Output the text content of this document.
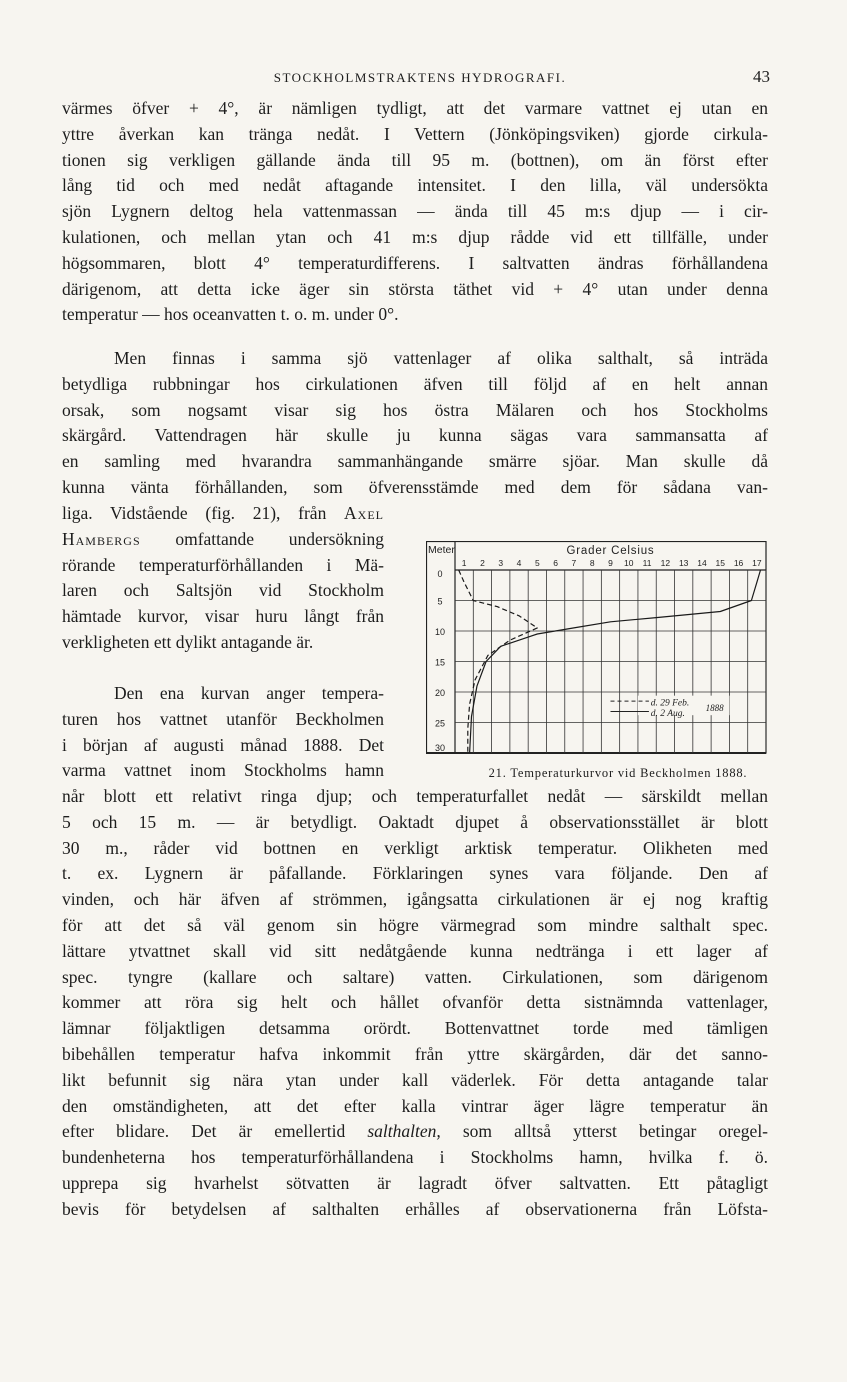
STOCKHOLMSTRAKTENS HYDROGRAFI.	43

värmes öfver + 4°, är nämligen tydligt, att det varmare vattnet ej utan en
yttre åverkan kan tränga nedåt. I Vettern (Jönköpingsviken) gjorde cirkula-
tionen sig verkligen gällande ända till 95 m. (bottnen), om än först efter
lång tid och med nedåt aftagande intensitet. I den lilla, väl undersökta
sjön Lygnern deltog hela vattenmassan — ända till 45 m:s djup — i cir-
kulationen, och mellan ytan och 41 m:s djup rådde vid ett tillfälle, under
högsommaren, blott 4° temperaturdifferens. I saltvatten ändras förhållandena
därigenom, att detta icke äger sin största täthet vid + 4° utan under denna
temperatur — hos oceanvatten t. o. m. under 0°.

Men finnas i samma sjö vattenlager af olika salthalt, så inträda
betydliga rubbningar hos cirkulationen äfven till följd af en helt annan
orsak, som nogsamt visar sig hos östra Mälaren och hos Stockholms
skärgård. Vattendragen här skulle ju kunna sägas vara sammansatta af
en samling med hvarandra sammanhängande smärre sjöar. Man skulle då
kunna vänta förhållanden, som öfverensstämde med dem för sådana van-

liga. Vidstående (fig. 21), från Axel
Hambergs omfattande undersökning
rörande temperaturförhållanden i Mä-
laren och Saltsjön vid Stockholm
hämtade kurvor, visar huru långt från
verkligheten ett dylikt antagande är.

Den ena kurvan anger tempera-
turen hos vattnet utanför Beckholmen
i början af augusti månad 1888. Det
varma vattnet inom Stockholms hamn

Meter	Grader Celsius
1 2 3 4 5 6 7 8 9 10 11 12 13 14 15 16 17
0
5
10
15
20
25
30
d. 29 Feb.
d. 2 Aug.
1888
21. Temperaturkurvor vid Beckholmen 1888.

når blott ett relativt ringa djup; och temperaturfallet nedåt — särskildt mellan
5 och 15 m. — är betydligt. Oaktadt djupet å observationsstället är blott
30 m., råder vid bottnen en verkligt arktisk temperatur. Olikheten med
t. ex. Lygnern är påfallande. Förklaringen synes vara följande. Den af
vinden, och här äfven af strömmen, igångsatta cirkulationen är ej nog kraftig
för att det så väl genom sin högre värmegrad som mindre salthalt spec.
lättare ytvattnet skall vid sitt nedåtgående kunna nedtränga i ett lager af
spec. tyngre (kallare och saltare) vatten. Cirkulationen, som därigenom
kommer att röra sig helt och hållet ofvanför detta sistnämnda vattenlager,
lämnar följaktligen detsamma orördt. Bottenvattnet torde med tämligen
bibehållen temperatur hafva inkommit från yttre skärgården, där det sanno-
likt befunnit sig nära ytan under kall väderlek. För detta antagande talar
den omständigheten, att det efter kalla vintrar äger lägre temperatur än
efter blidare. Det är emellertid salthalten, som alltså ytterst betingar oregel-
bundenheterna hos temperaturförhållandena i Stockholms hamn, hvilka f. ö.
upprepa sig hvarhelst sötvatten är lagradt öfver saltvatten. Ett påtagligt
bevis för betydelsen af salthalten erhålles af observationerna från Löfsta-
